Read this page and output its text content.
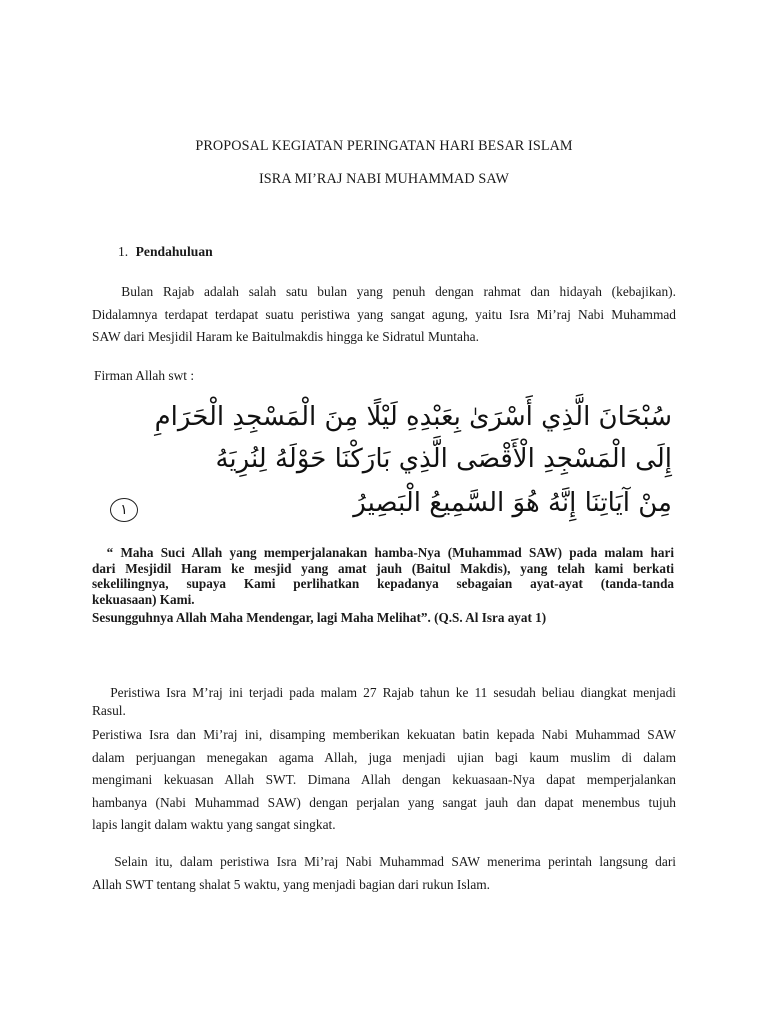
PROPOSAL KEGIATAN PERINGATAN HARI BESAR ISLAM
ISRA MI’RAJ NABI MUHAMMAD SAW
1. Pendahuluan
Bulan Rajab adalah salah satu bulan yang penuh dengan rahmat dan hidayah (kebajikan).
Didalamnya terdapat terdapat suatu peristiwa yang sangat agung, yaitu Isra Mi’raj Nabi Muhammad
SAW dari Mesjidil Haram ke Baitulmakdis hingga ke Sidratul Muntaha.
Firman Allah swt :
سُبْحَانَ الَّذِي أَسْرَىٰ بِعَبْدِهِ لَيْلًا مِنَ الْمَسْجِدِ الْحَرَامِ
إِلَى الْمَسْجِدِ الْأَقْصَى الَّذِي بَارَكْنَا حَوْلَهُ لِنُرِيَهُ
مِنْ آيَاتِنَا إِنَّهُ هُوَ السَّمِيعُ الْبَصِيرُ
١
“ Maha Suci Allah yang memperjalanakan hamba-Nya (Muhammad SAW) pada malam hari
dari Mesjidil Haram ke mesjid yang amat jauh (Baitul Makdis), yang telah kami berkati
sekelilingnya, supaya Kami perlihatkan kepadanya sebagaian ayat-ayat (tanda-tanda
kekuasaan) Kami.
Sesungguhnya Allah Maha Mendengar, lagi Maha Melihat”. (Q.S. Al Isra ayat 1)
Peristiwa Isra M’raj ini terjadi pada malam 27 Rajab tahun ke 11 sesudah beliau diangkat menjadi
Rasul.
Peristiwa Isra dan Mi’raj ini, disamping memberikan kekuatan batin kepada Nabi Muhammad SAW
dalam perjuangan menegakan agama Allah, juga menjadi ujian bagi kaum muslim di dalam
mengimani kekuasan Allah SWT. Dimana Allah dengan kekuasaan-Nya dapat memperjalankan
hambanya (Nabi Muhammad SAW) dengan perjalan yang sangat jauh dan dapat menembus tujuh
lapis langit dalam waktu yang sangat singkat.
Selain itu, dalam peristiwa Isra Mi’raj Nabi Muhammad SAW menerima perintah langsung dari
Allah SWT tentang shalat 5 waktu, yang menjadi bagian dari rukun Islam.
